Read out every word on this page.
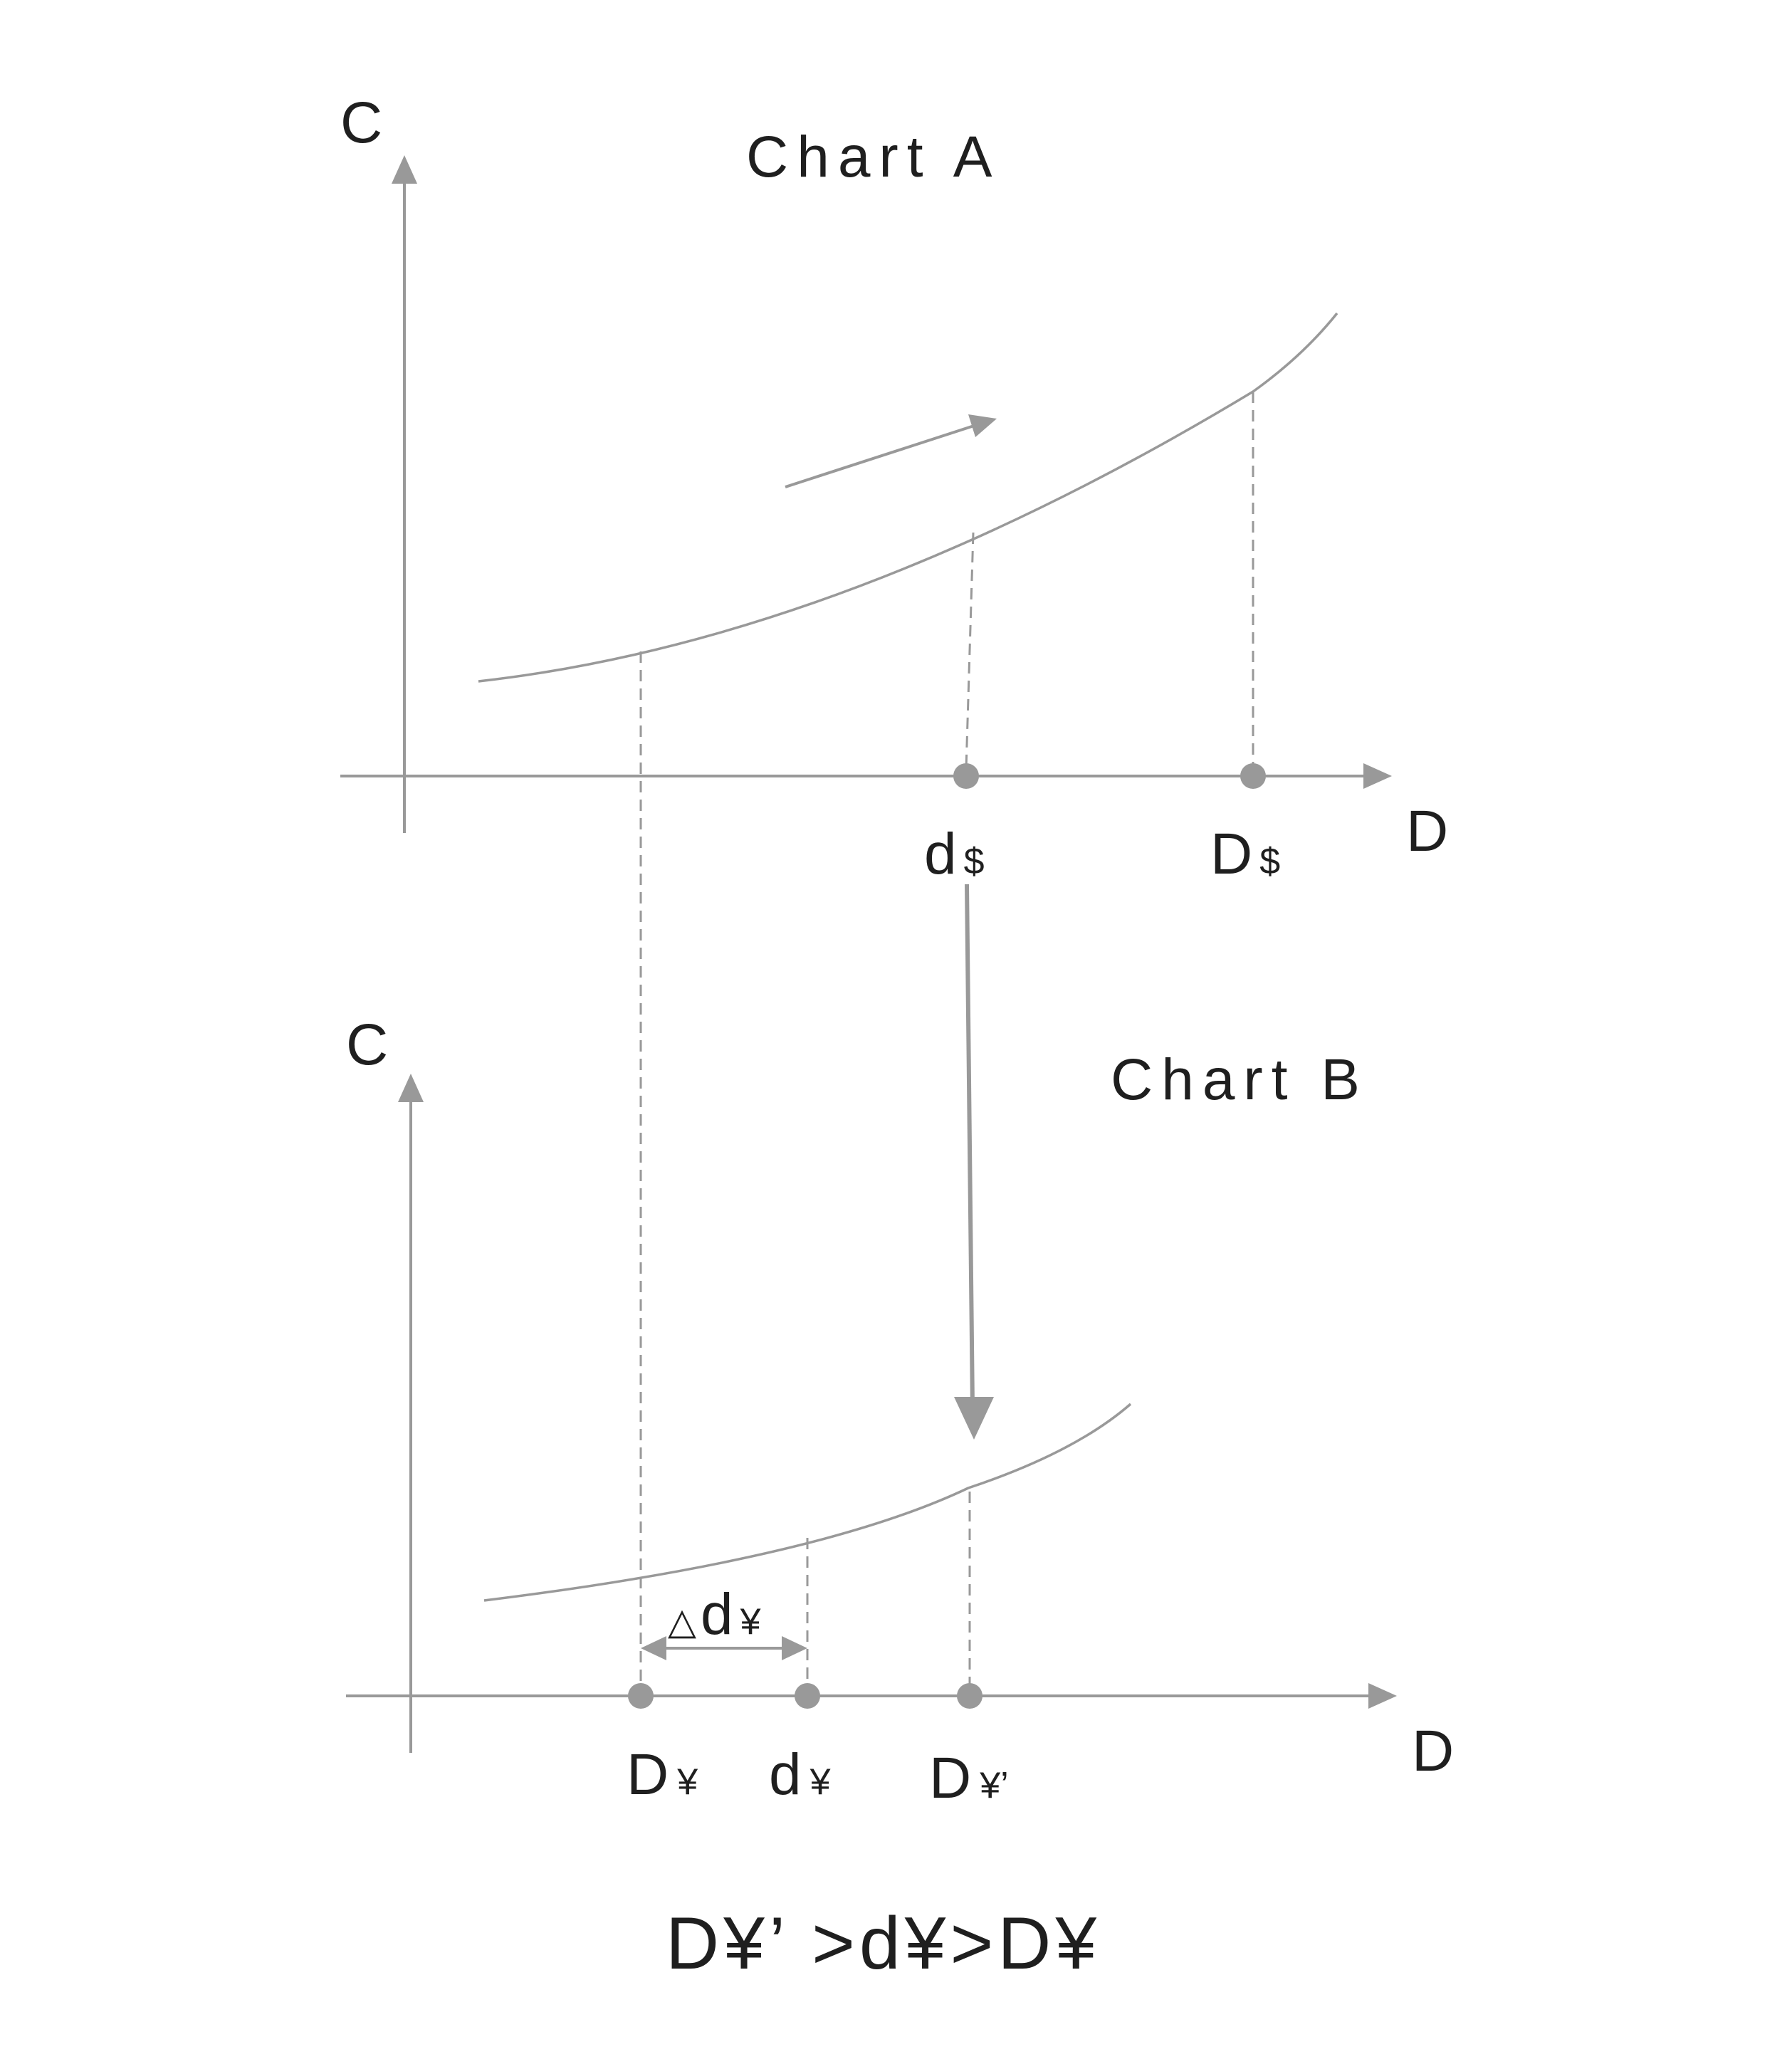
Chart A
C
D
d $	D $
Chart B
C
D
△d ¥
D ¥ d ¥ D ¥’
D¥’ >d¥>D¥
